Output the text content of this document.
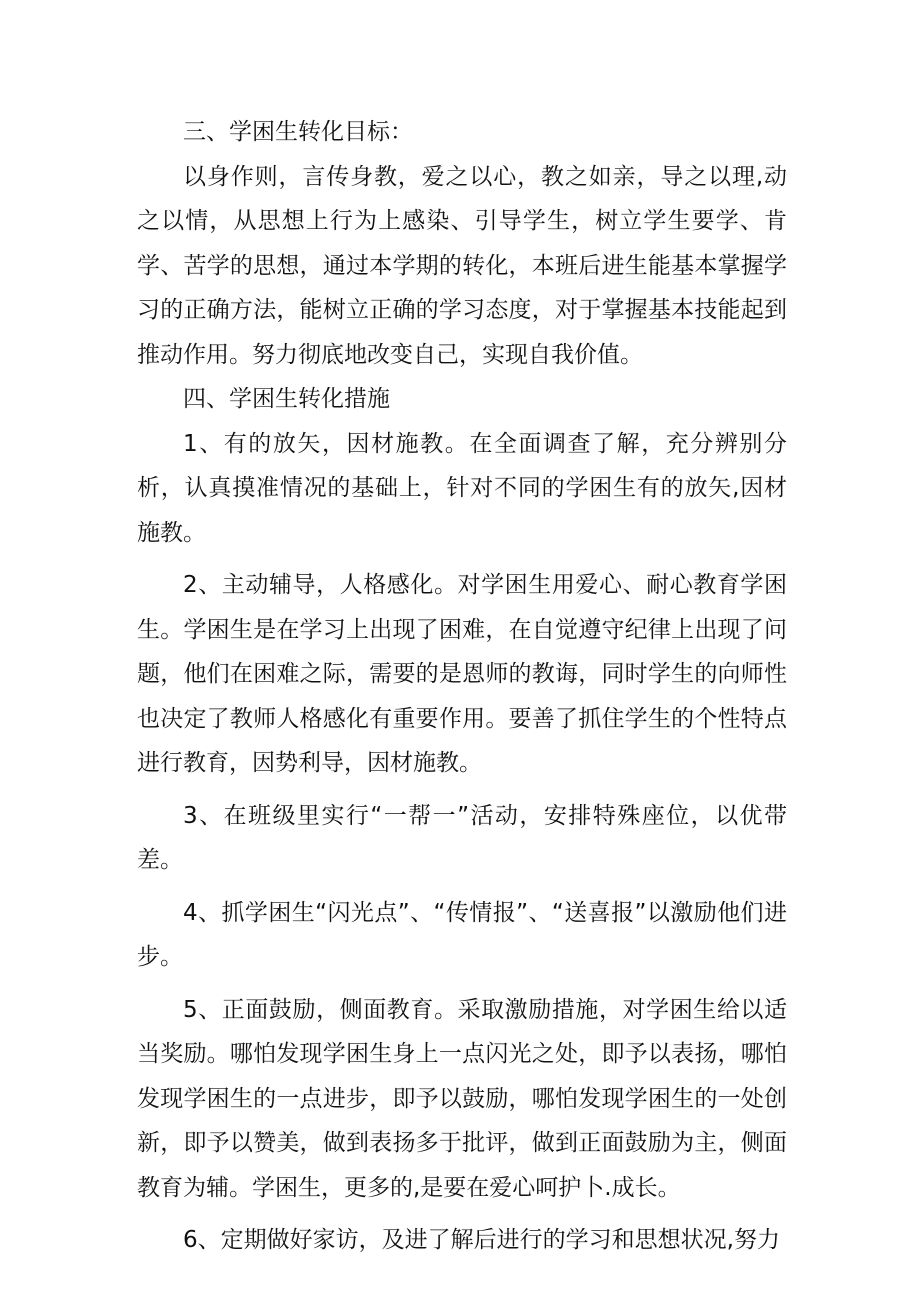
三、学困生转化目标：

以身作则，言传身教，爱之以心，教之如亲，导之以理,动之以情，从思想上行为上感染、引导学生，树立学生要学、肯学、苦学的思想，通过本学期的转化，本班后进生能基本掌握学习的正确方法，能树立正确的学习态度，对于掌握基本技能起到推动作用。努力彻底地改变自己，实现自我价值。

四、学困生转化措施

1、有的放矢，因材施教。在全面调查了解，充分辨别分析，认真摸准情况的基础上，针对不同的学困生有的放矢,因材施教。

2、主动辅导，人格感化。对学困生用爱心、耐心教育学困生。学困生是在学习上出现了困难，在自觉遵守纪律上出现了问题，他们在困难之际，需要的是恩师的教诲，同时学生的向师性也决定了教师人格感化有重要作用。要善了抓住学生的个性特点进行教育，因势利导，因材施教。

3、在班级里实行“一帮一”活动，安排特殊座位，以优带差。

4、抓学困生“闪光点”、“传情报”、“送喜报”以激励他们进步。

5、正面鼓励，侧面教育。采取激励措施，对学困生给以适当奖励。哪怕发现学困生身上一点闪光之处，即予以表扬，哪怕发现学困生的一点进步，即予以鼓励，哪怕发现学困生的一处创新，即予以赞美，做到表扬多于批评，做到正面鼓励为主，侧面教育为辅。学困生，更多的,是要在爱心呵护卜.成长。

6、定期做好家访，及进了解后进行的学习和思想状况,努力
